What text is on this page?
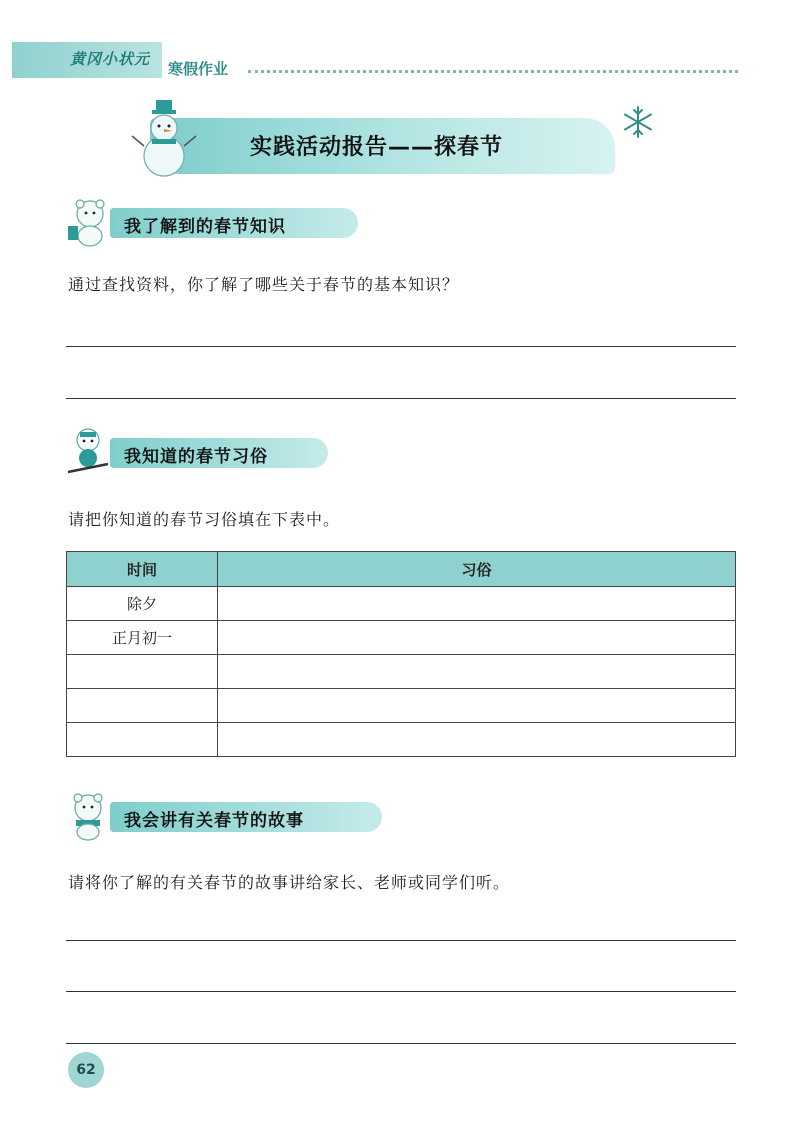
黄冈小状元
寒假作业
实践活动报告——探春节
我了解到的春节知识
通过查找资料，你了解了哪些关于春节的基本知识？
我知道的春节习俗
请把你知道的春节习俗填在下表中。
时间	习俗
除夕	
正月初一	

我会讲有关春节的故事
请将你了解的有关春节的故事讲给家长、老师或同学们听。
62
